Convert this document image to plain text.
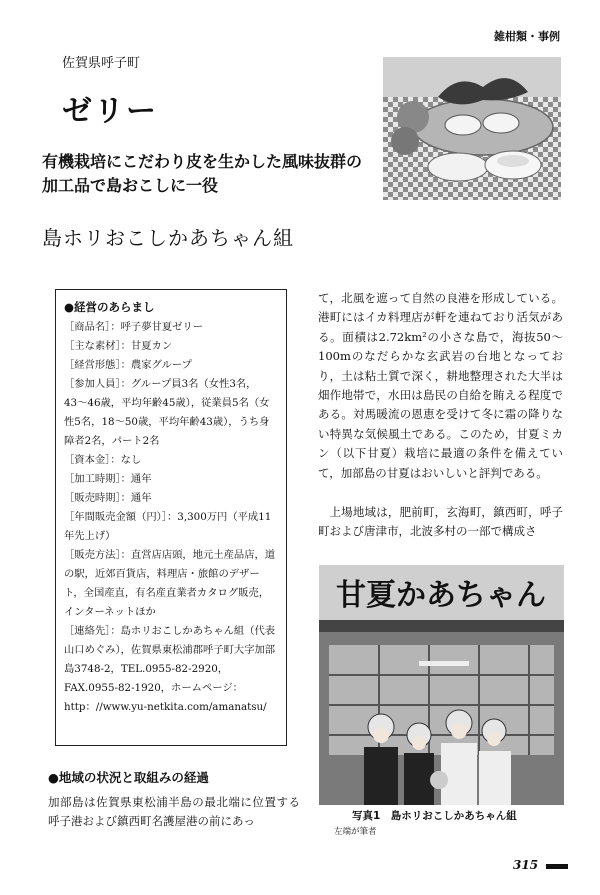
雑柑類・事例
佐賀県呼子町
ゼリー
有機栽培にこだわり皮を生かした風味抜群の加工品で島おこしに一役
島ホリおこしかあちゃん組
●経営のあらまし
［商品名］：呼子夢甘夏ゼリー
［主な素材］：甘夏カン
［経営形態］：農家グループ
［参加人員］：グループ員3名（女性3名，43〜46歳，平均年齢45歳），従業員5名（女性5名，18〜50歳，平均年齢43歳），うち身障者2名，パート2名
［資本金］：なし
［加工時期］：通年
［販売時期］：通年
［年間販売金額（円）］：3,300万円（平成11年先上げ）
［販売方法］：直営店店頭，地元土産品店，道の駅，近郊百貨店，料理店・旅館のデザート，全国産直，有名産直業者カタログ販売，インターネットほか
［連絡先］：島ホリおこしかあちゃん組（代表　山口めぐみ），佐賀県東松浦郡呼子町大字加部島3748-2，TEL.0955-82-2920，FAX.0955-82-1920，ホームページ：http：//www.yu-netkita.com/amanatsu/
●地域の状況と取組みの経過
加部島は佐賀県東松浦半島の最北端に位置する呼子港および鎮西町名護屋港の前にあっ
て，北風を遮って自然の良港を形成している。港町にはイカ料理店が軒を連ねており活気がある。面積は2.72km²の小さな島で，海抜50〜100mのなだらかな玄武岩の台地となっており，土は粘土質で深く，耕地整理された大半は畑作地帯で，水田は島民の自給を賄える程度である。対馬暖流の恩恵を受けて冬に霜の降りない特異な気候風土である。このため，甘夏ミカン（以下甘夏）栽培に最適の条件を備えていて，加部島の甘夏はおいしいと評判である。
上場地域は，肥前町，玄海町，鎮西町，呼子町および唐津市，北波多村の一部で構成さ
甘夏かあちゃん
写真1　島ホリおこしかあちゃん組
左端が筆者
315
